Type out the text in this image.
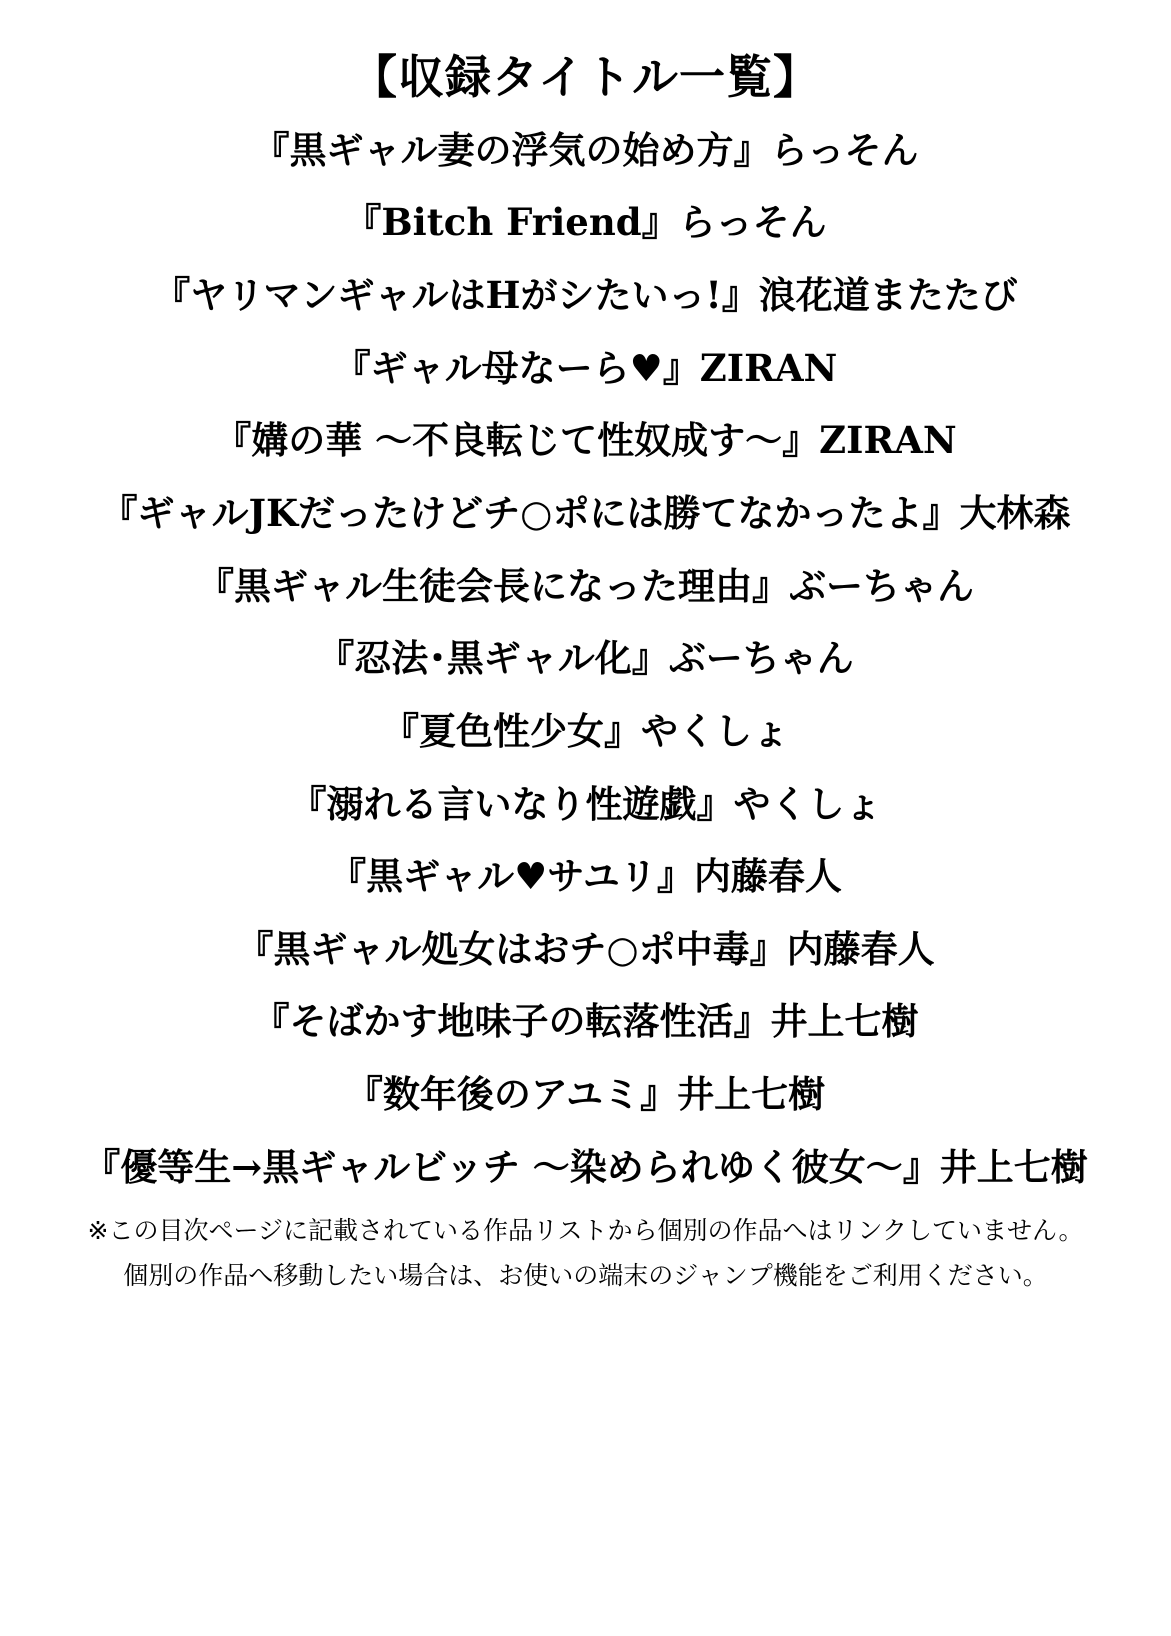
【収録タイトル一覧】
『黒ギャル妻の浮気の始め方』らっそん
『Bitch Friend』らっそん
『ヤリマンギャルはHがシたいっ!』浪花道またたび
『ギャル母なーら♥』ZIRAN
『媾の華 〜不良転じて性奴成す〜』ZIRAN
『ギャルJKだったけどチ○ポには勝てなかったよ』大林森
『黒ギャル生徒会長になった理由』ぶーちゃん
『忍法･黒ギャル化』ぶーちゃん
『夏色性少女』やくしょ
『溺れる言いなり性遊戯』やくしょ
『黒ギャル♥サユリ』内藤春人
『黒ギャル処女はおチ○ポ中毒』内藤春人
『そばかす地味子の転落性活』井上七樹
『数年後のアユミ』井上七樹
『優等生→黒ギャルビッチ 〜染められゆく彼女〜』井上七樹

※この目次ページに記載されている作品リストから個別の作品へはリンクしていません。

個別の作品へ移動したい場合は、お使いの端末のジャンプ機能をご利用ください。
